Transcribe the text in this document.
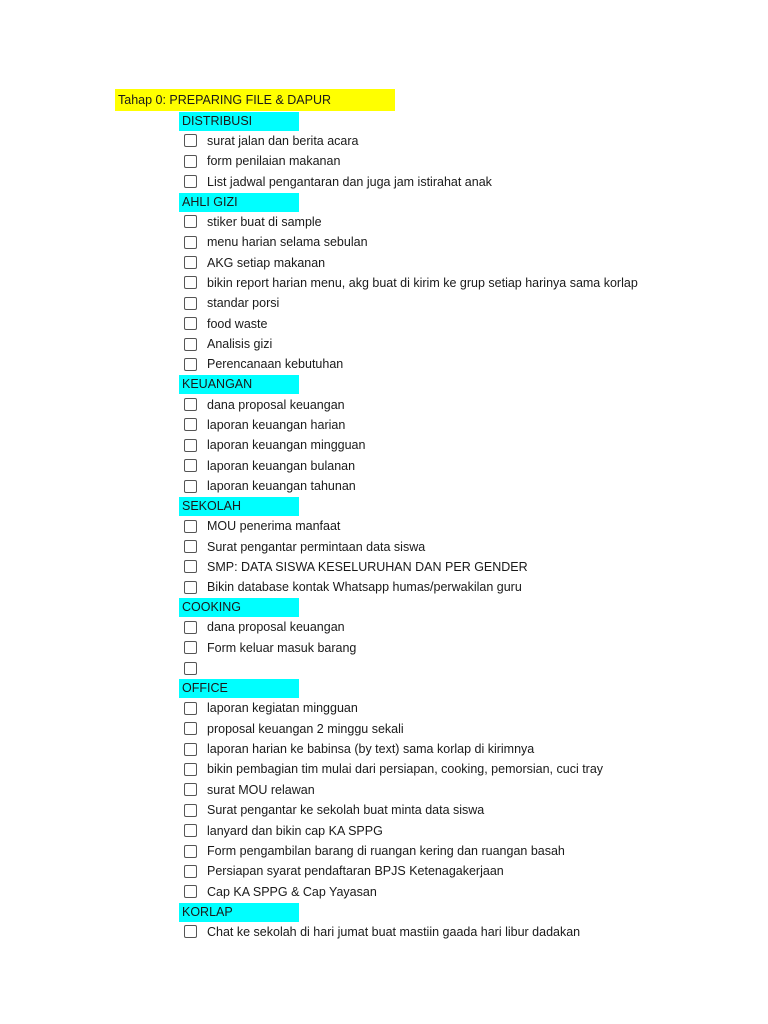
Tahap 0: PREPARING FILE & DAPUR
DISTRIBUSI
surat jalan dan berita acara
form penilaian makanan
List jadwal pengantaran dan juga jam istirahat anak
AHLI GIZI
stiker buat di sample
menu harian selama sebulan
AKG setiap makanan
bikin report harian menu, akg buat di kirim ke grup setiap harinya sama korlap
standar porsi
food waste
Analisis gizi
Perencanaan kebutuhan
KEUANGAN
dana proposal keuangan
laporan keuangan harian
laporan keuangan mingguan
laporan keuangan bulanan
laporan keuangan tahunan
SEKOLAH
MOU penerima manfaat
Surat pengantar permintaan data siswa
SMP: DATA SISWA KESELURUHAN DAN PER GENDER
Bikin database kontak Whatsapp humas/perwakilan guru
COOKING
dana proposal keuangan
Form keluar masuk barang
OFFICE
laporan kegiatan mingguan
proposal keuangan 2 minggu sekali
laporan harian ke babinsa (by text) sama korlap di kirimnya
bikin pembagian tim mulai dari persiapan, cooking, pemorsian, cuci tray
surat MOU relawan
Surat pengantar ke sekolah buat minta data siswa
lanyard dan bikin cap KA SPPG
Form pengambilan barang di ruangan kering dan ruangan basah
Persiapan syarat pendaftaran BPJS Ketenagakerjaan
Cap KA SPPG & Cap Yayasan
KORLAP
Chat ke sekolah di hari jumat buat mastiin gaada hari libur dadakan
